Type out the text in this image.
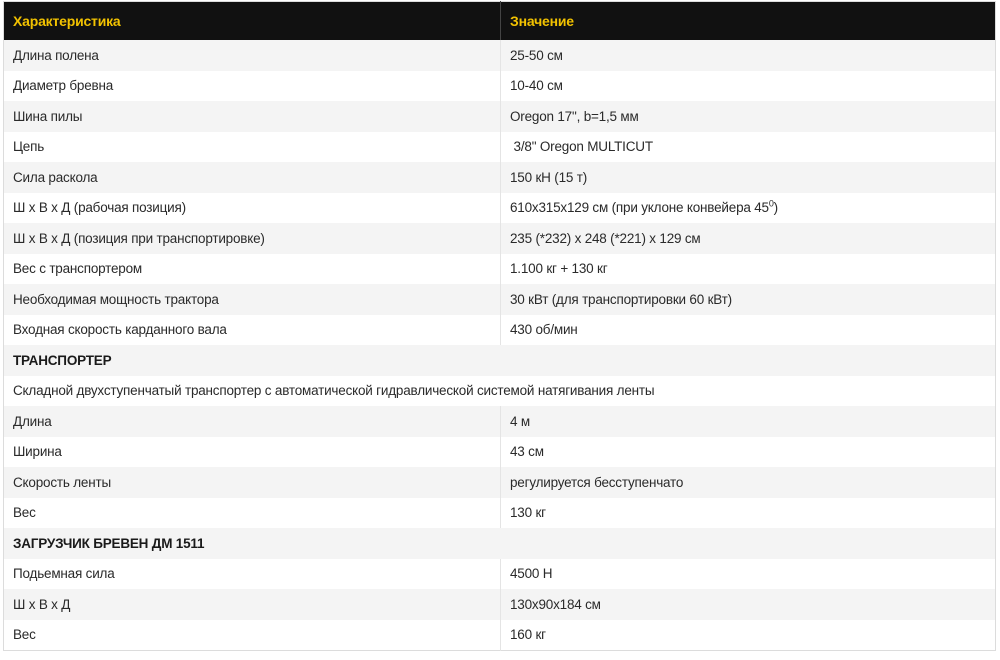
Характеристика	Значение
Длина полена	25-50 см
Диаметр бревна	10-40 см
Шина пилы	Oregon 17", b=1,5 мм
Цепь	3/8" Oregon MULTICUT
Сила раскола	150 кН (15 т)
Ш х В х Д (рабочая позиция)	610x315x129 см (при уклоне конвейера $45^0$)
Ш х В х Д (позиция при транспортировке)	235 (*232) x 248 (*221) x 129 см
Вес с транспортером	1.100 кг + 130 кг
Необходимая мощность трактора	30 кВт (для транспортировки 60 кВт)
Входная скорость карданного вала	430 об/мин
ТРАНСПОРТЕР	
Складной двухступенчатый транспортер с автоматической гидравлической системой натягивания ленты	
Длина	4 м
Ширина	43 см
Скорость ленты	регулируется бесступенчато
Вес	130 кг
ЗАГРУЗЧИК БРЕВЕН ДМ 1511	
Подьемная сила	4500 Н
Ш х В х Д	130x90x184 см
Вес	160 кг
